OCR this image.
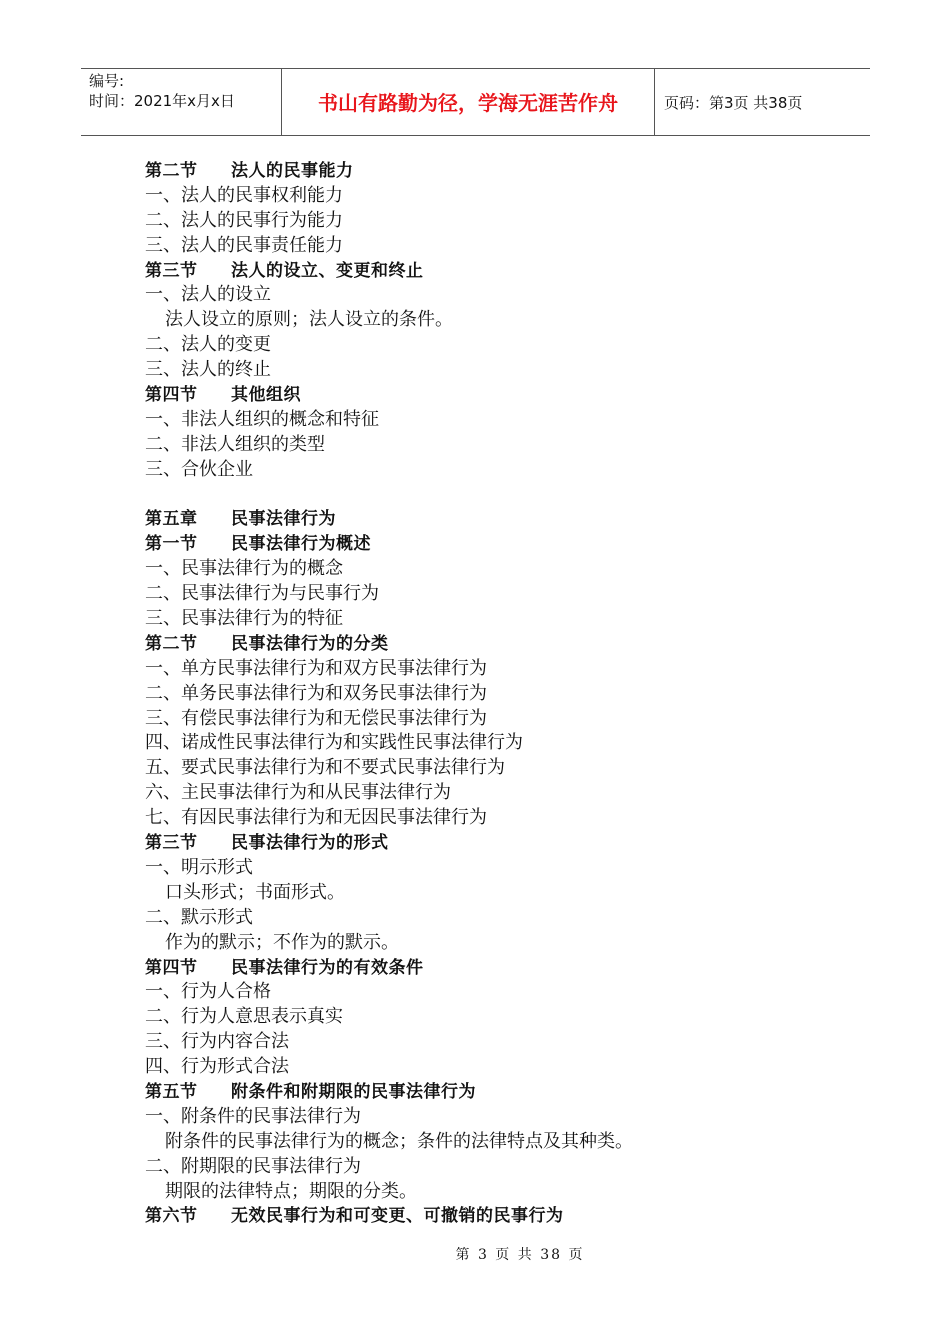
编号:
时间：2021年x月x日	书山有路勤为径，学海无涯苦作舟	页码：第3页 共38页
第二节 法人的民事能力
一、法人的民事权利能力
二、法人的民事行为能力
三、法人的民事责任能力
第三节 法人的设立、变更和终止
一、法人的设立
法人设立的原则；法人设立的条件。
二、法人的变更
三、法人的终止
第四节 其他组织
一、非法人组织的概念和特征
二、非法人组织的类型
三、合伙企业
第五章 民事法律行为
第一节 民事法律行为概述
一、民事法律行为的概念
二、民事法律行为与民事行为
三、民事法律行为的特征
第二节 民事法律行为的分类
一、单方民事法律行为和双方民事法律行为
二、单务民事法律行为和双务民事法律行为
三、有偿民事法律行为和无偿民事法律行为
四、诺成性民事法律行为和实践性民事法律行为
五、要式民事法律行为和不要式民事法律行为
六、主民事法律行为和从民事法律行为
七、有因民事法律行为和无因民事法律行为
第三节 民事法律行为的形式
一、明示形式
口头形式；书面形式。
二、默示形式
作为的默示；不作为的默示。
第四节 民事法律行为的有效条件
一、行为人合格
二、行为人意思表示真实
三、行为内容合法
四、行为形式合法
第五节 附条件和附期限的民事法律行为
一、附条件的民事法律行为
附条件的民事法律行为的概念；条件的法律特点及其种类。
二、附期限的民事法律行为
期限的法律特点；期限的分类。
第六节 无效民事行为和可变更、可撤销的民事行为
第 3 页 共 38 页
